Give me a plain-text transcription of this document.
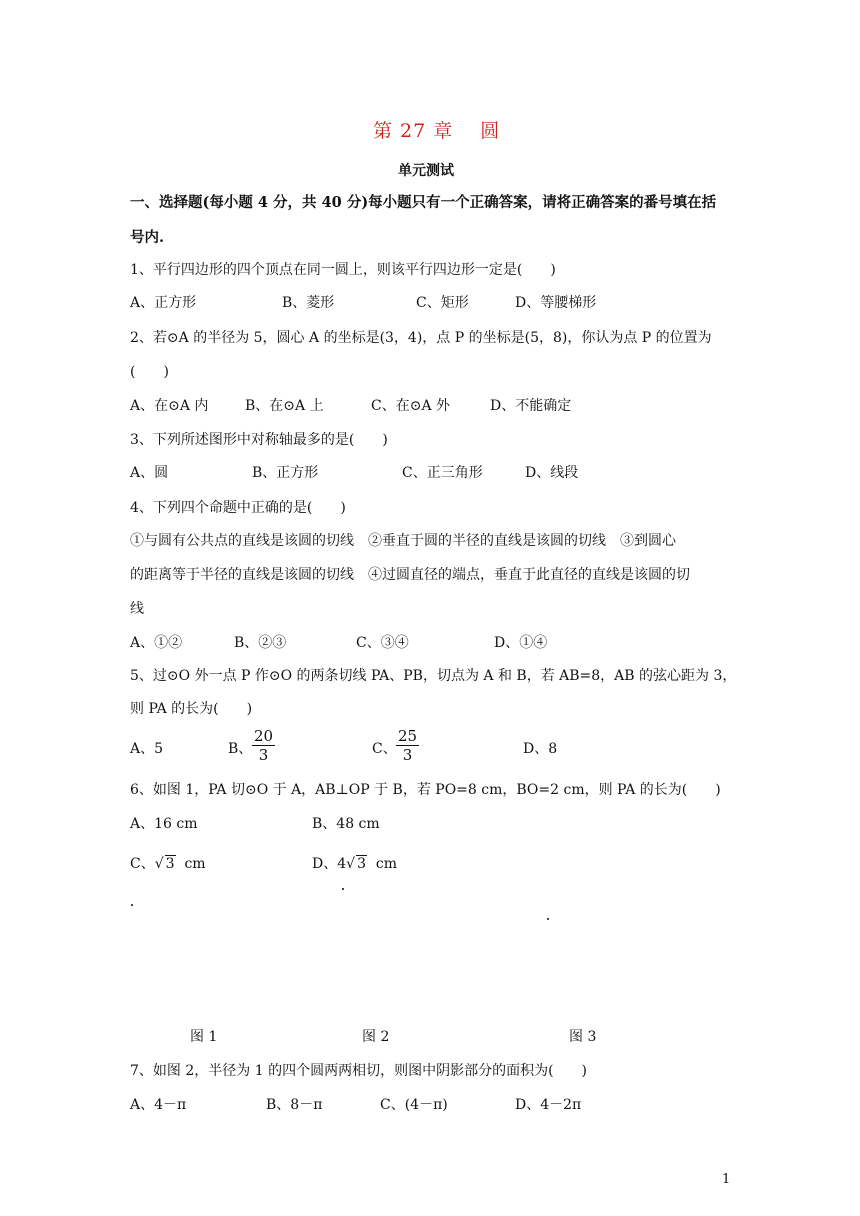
第 27 章　 圆
单元测试
一、选择题(每小题 4 分，共 40 分)每小题只有一个正确答案，请将正确答案的番号填在括
号内.
1、平行四边形的四个顶点在同一圆上，则该平行四边形一定是(　　)
A、正方形	B、菱形	C、矩形	D、等腰梯形
2、若⊙A 的半径为 5，圆心 A 的坐标是(3，4)，点 P 的坐标是(5，8)，你认为点 P 的位置为
(　　)
A、在⊙A 内	B、在⊙A 上	C、在⊙A 外	D、不能确定
3、下列所述图形中对称轴最多的是(　　)
A、圆	B、正方形	C、正三角形	D、线段
4、下列四个命题中正确的是(　　)
①与圆有公共点的直线是该圆的切线　②垂直于圆的半径的直线是该圆的切线　③到圆心
的距离等于半径的直线是该圆的切线　④过圆直径的端点，垂直于此直径的直线是该圆的切
线
A、①②	B、②③	C、③④	D、①④
5、过⊙O 外一点 P 作⊙O 的两条切线 PA、PB，切点为 A 和 B，若 AB=8，AB 的弦心距为 3，
则 PA 的长为(　　)
A、5	B、 $\frac{20}{3}$	C、 $\frac{25}{3}$	D、8
6、如图 1，PA 切⊙O 于 A，AB⊥OP 于 B，若 PO=8 cm，BO=2 cm，则 PA 的长为(　　)
A、16 cm	B、48 cm
C、√ 3 cm	D、4√ 3 cm
图 1	图 2	图 3
7、如图 2，半径为 1 的四个圆两两相切，则图中阴影部分的面积为(　　)
A、4－π	B、8－π	C、(4－π)	D、4－2π
1
